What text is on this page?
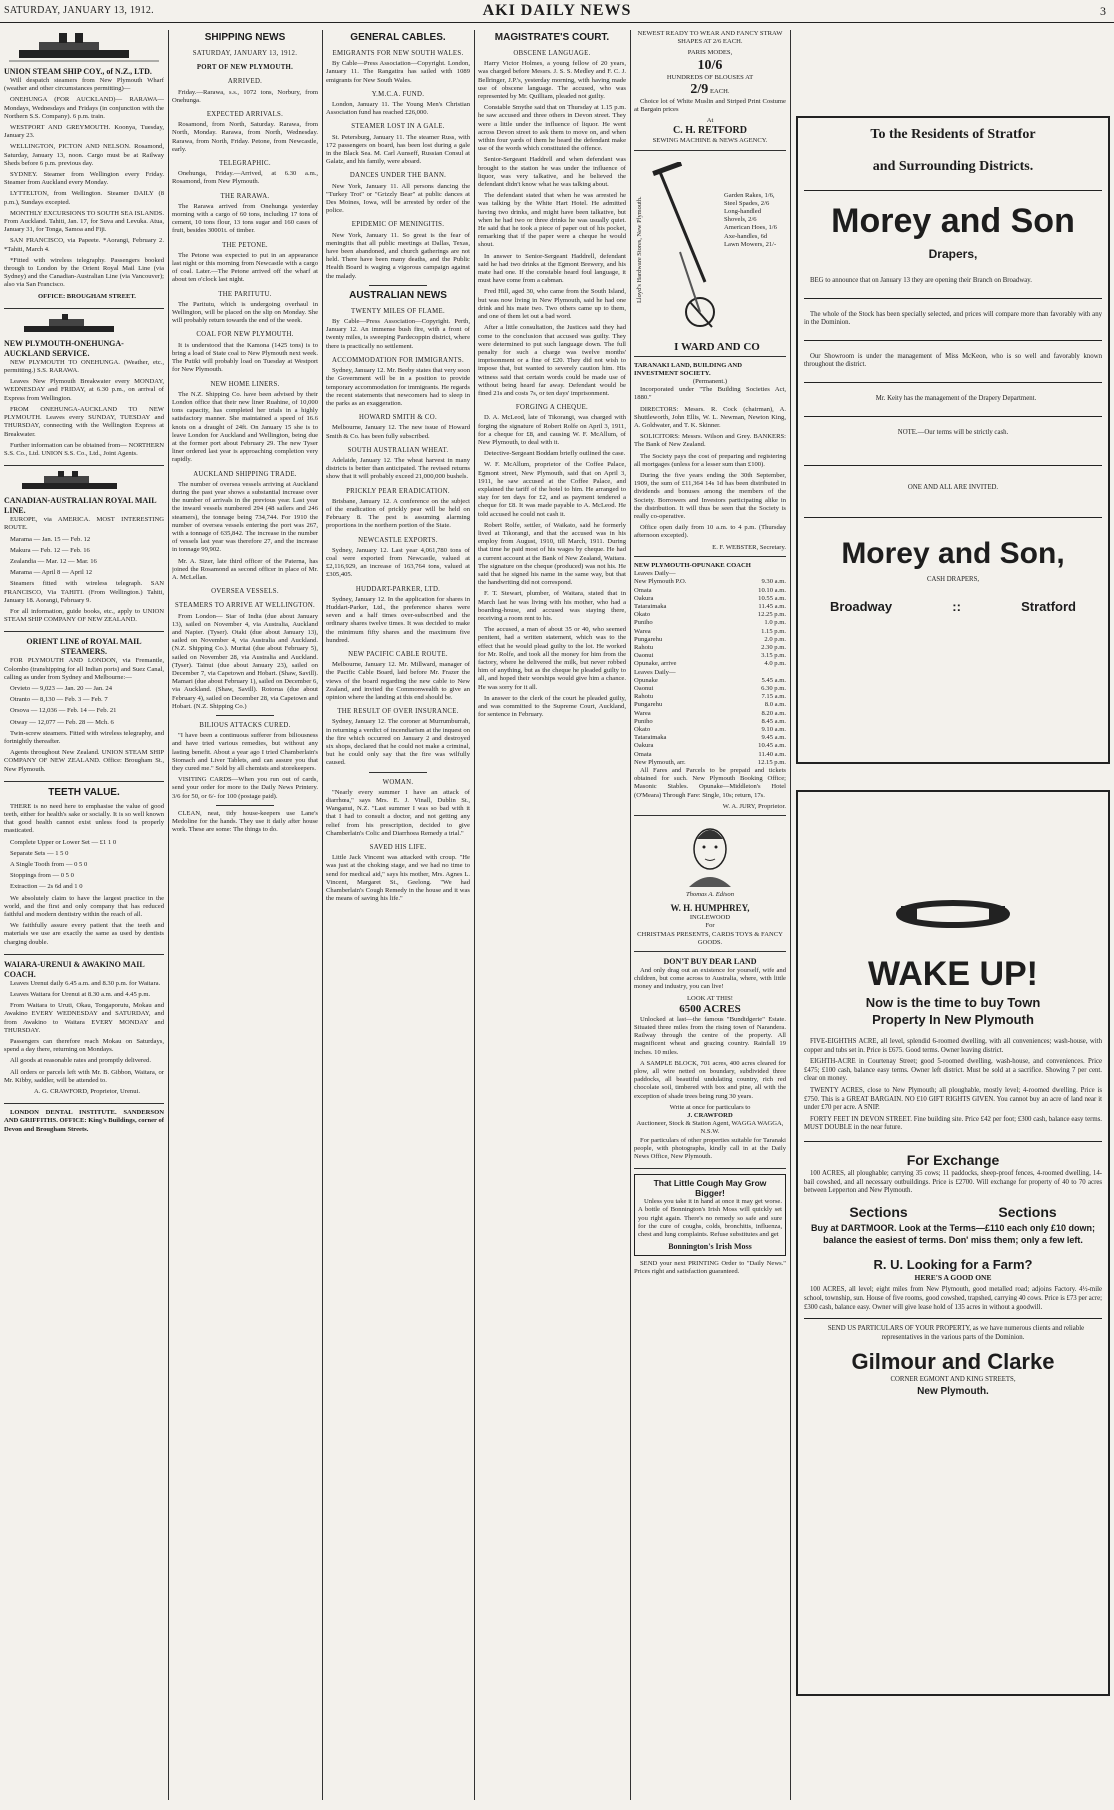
SATURDAY, JANUARY 13, 1912.	AKI DAILY NEWS	3
UNION STEAM SHIP COY., of N.Z., LTD.

Will despatch steamers from New Plymouth Wharf (weather and other circumstances permitting)—

ONEHUNGA (FOR AUCKLAND)— RARAWA—Mondays, Wednesdays and Fridays (in conjunction with the Northern S.S. Company). 6 p.m. train.

WESTPORT AND GREYMOUTH. Koonya, Tuesday, January 23.

WELLINGTON, PICTON AND NELSON. Rosamond, Saturday, January 13, noon. Cargo must be at Railway Sheds before 6 p.m. previous day.

SYDNEY. Steamer from Wellington every Friday. Steamer from Auckland every Monday.

LYTTELTON, from Wellington. Steamer DAILY (8 p.m.), Sundays excepted.

MONTHLY EXCURSIONS TO SOUTH SEA ISLANDS. From Auckland. Tahiti, Jan. 17, for Suva and Levuka. Atua, January 31, for Tonga, Samoa and Fiji.

SAN FRANCISCO, via Papeete. *Aorangi, February 2. *Tahiti, March 4.

*Fitted with wireless telegraphy. Passengers booked through to London by the Orient Royal Mail Line (via Sydney) and the Canadian-Australian Line (via Vancouver); also via San Francisco.

OFFICE: BROUGHAM STREET.

NEW PLYMOUTH-ONEHUNGA-AUCKLAND SERVICE.

NEW PLYMOUTH TO ONEHUNGA. (Weather, etc., permitting.) S.S. RARAWA.

Leaves New Plymouth Breakwater every MONDAY, WEDNESDAY and FRIDAY, at 6.30 p.m., on arrival of Express from Wellington.

FROM ONEHUNGA-AUCKLAND TO NEW PLYMOUTH. Leaves every SUNDAY, TUESDAY and THURSDAY, connecting with the Wellington Express at Breakwater.

Further information can be obtained from— NORTHERN S.S. Co., Ltd. UNION S.S. Co., Ltd., Joint Agents.

CANADIAN-AUSTRALIAN ROYAL MAIL LINE.

EUROPE, via AMERICA. MOST INTERESTING ROUTE.

Marama — Jan. 15 — Feb. 12

Makura — Feb. 12 — Feb. 16

Zealandia — Mar. 12 — Mar. 16

Marama — April 8 — April 12

Steamers fitted with wireless telegraph. SAN FRANCISCO, Via TAHITI. (From Wellington.) Tahiti, January 18. Aorangi, February 9.

For all information, guide books, etc., apply to UNION STEAM SHIP COMPANY OF NEW ZEALAND.

ORIENT LINE of ROYAL MAIL STEAMERS.

FOR PLYMOUTH AND LONDON, via Fremantle, Colombo (transhipping for all Indian ports) and Suez Canal, calling as under from Sydney and Melbourne:—

Orvieto — 9,023 — Jan. 20 — Jan. 24

Otranto — 8,130 — Feb. 3 — Feb. 7

Orsova — 12,036 — Feb. 14 — Feb. 21

Otway — 12,077 — Feb. 28 — Mch. 6

Twin-screw steamers. Fitted with wireless telegraphy, and fortnightly thereafter.

Agents throughout New Zealand. UNION STEAM SHIP COMPANY OF NEW ZEALAND. Office: Brougham St., New Plymouth.

TEETH VALUE.

THERE is no need here to emphasise the value of good teeth, either for health's sake or socially. It is so well known that good health cannot exist unless food is properly masticated.

Complete Upper or Lower Set — £1 1 0

Separate Sets — 1 5 0

A Single Tooth from — 0 5 0

Stoppings from — 0 5 0

Extraction — 2s 6d and 1 0

We absolutely claim to have the largest practice in the world, and the first and only company that has reduced faithful and modern dentistry within the reach of all.

We faithfully assure every patient that the teeth and materials we use are exactly the same as used by dentists charging double.

WAIARA-URENUI & AWAKINO MAIL COACH.

Leaves Urenui daily 6.45 a.m. and 8.30 p.m. for Waitara.

Leaves Waitara for Urenui at 8.30 a.m. and 4.45 p.m.

From Waitara to Uruti, Okau, Tongaporutu, Mokau and Awakino EVERY WEDNESDAY and SATURDAY, and from Awakino to Waitara EVERY MONDAY and THURSDAY.

Passengers can therefore reach Mokau on Saturdays, spend a day there, returning on Mondays.

All goods at reasonable rates and promptly delivered.

All orders or parcels left with Mr. B. Gibbon, Waitara, or Mr. Kibby, saddler, will be attended to.

A. G. CRAWFORD, Proprietor, Urenui.

LONDON DENTAL INSTITUTE. SANDERSON AND GRIFFITHS. OFFICE: King's Buildings, corner of Devon and Brougham Streets.

SHIPPING NEWS
SATURDAY, JANUARY 13, 1912.
PORT OF NEW PLYMOUTH.
ARRIVED.

Friday.—Rarawa, s.s., 1072 tons, Norbury, from Onehunga.

EXPECTED ARRIVALS.

Rosamond, from North, Saturday. Rarawa, from North, Monday. Rarawa, from North, Wednesday. Rarawa, from North, Friday. Petone, from Newcastle, early.

TELEGRAPHIC.

Onehunga, Friday.—Arrived, at 6.30 a.m., Rosamond, from New Plymouth.

THE RARAWA.

The Rarawa arrived from Onehunga yesterday morning with a cargo of 60 tons, including 17 tons of cement, 10 tons flour, 13 tons sugar and 160 cases of fruit, besides 30001t. of timber.

THE PETONE.

The Petone was expected to put in an appearance last night or this morning from Newcastle with a cargo of coal. Later.—The Petone arrived off the wharf at about ten o'clock last night.

THE PARITUTU.

The Paritutu, which is undergoing overhaul in Wellington, will be placed on the slip on Monday. She will probably return towards the end of the week.

COAL FOR NEW PLYMOUTH.

It is understood that the Kamona (1425 tons) is to bring a load of State coal to New Plymouth next week. The Putiki will probably load on Tuesday at Westport for New Plymouth.

NEW HOME LINERS.

The N.Z. Shipping Co. have been advised by their London office that their new liner Ruahine, of 10,000 tons capacity, has completed her trials in a highly satisfactory manner. She maintained a speed of 16.6 knots on a draught of 24ft. On January 15 she is to leave London for Auckland and Wellington, being due at the former port about February 29. The new Tyser liner ordered last year is approaching completion very rapidly.

AUCKLAND SHIPPING TRADE.

The number of oversea vessels arriving at Auckland during the past year shows a substantial increase over the number of arrivals in the previous year. Last year the inward vessels numbered 294 (48 sailers and 246 steamers), the tonnage being 734,744. For 1910 the number of oversea vessels entering the port was 267, with a tonnage of 635,842. The increase in the number of vessels last year was therefore 27, and the increase in tonnage 99,902.

Mr. A. Sizer, late third officer of the Paterna, has joined the Rosamond as second officer in place of Mr. A. McLellan.

OVERSEA VESSELS.
STEAMERS TO ARRIVE AT WELLINGTON.

From London— Star of India (due about January 13), sailed on November 4, via Australia, Auckland and Napier. (Tyser). Otaki (due about January 13), sailed on November 4, via Australia and Auckland. (N.Z. Shipping Co.). Muritai (due about February 5), sailed on November 28, via Australia and Auckland. (Tyser). Tainui (due about January 23), sailed on December 7, via Capetown and Hobart. (Shaw, Savill). Mamari (due about February 1), sailed on December 6, via Auckland. (Shaw, Savill). Rotorua (due about February 4), sailed on December 28, via Capetown and Hobart. (N.Z. Shipping Co.)

BILIOUS ATTACKS CURED.

"I have been a continuous sufferer from biliousness and have tried various remedies, but without any lasting benefit. About a year ago I tried Chamberlain's Stomach and Liver Tablets, and can assure you that they cured me." Sold by all chemists and storekeepers.

VISITING CARDS—When you run out of cards, send your order for more to the Daily News Printery. 3/6 for 50, or 6/- for 100 (postage paid).

CLEAN, neat, tidy house-keepers use Lane's Medoline for the hands. They use it daily after house work. These are some: The things to do.

GENERAL CABLES.
EMIGRANTS FOR NEW SOUTH WALES.

By Cable—Press Association—Copyright. London, January 11. The Rangatira has sailed with 1089 emigrants for New South Wales.

Y.M.C.A. FUND.

London, January 11. The Young Men's Christian Association fund has reached £26,000.

STEAMER LOST IN A GALE.

St. Petersburg, January 11. The steamer Russ, with 172 passengers on board, has been lost during a gale in the Black Sea. M. Carl Aunseff, Russian Consul at Galatz, and his family, were aboard.

DANCES UNDER THE BANN.

New York, January 11. All persons dancing the "Turkey Trot" or "Grizzly Bear" at public dances at Des Moines, Iowa, will be arrested by order of the police.

EPIDEMIC OF MENINGITIS.

New York, January 11. So great is the fear of meningitis that all public meetings at Dallas, Texas, have been abandoned, and church gatherings are not held. There have been many deaths, and the Public Health Board is waging a vigorous campaign against the malady.

AUSTRALIAN NEWS
TWENTY MILES OF FLAME.

By Cable—Press Association—Copyright. Perth, January 12. An immense bush fire, with a front of twenty miles, is sweeping Pardecoppin district, where there is practically no settlement.

ACCOMMODATION FOR IMMIGRANTS.

Sydney, January 12. Mr. Beeby states that very soon the Government will be in a position to provide temporary accommodation for immigrants. He regards the recent statements that newcomers had to sleep in the parks as an exaggeration.

HOWARD SMITH & CO.

Melbourne, January 12. The new issue of Howard Smith & Co. has been fully subscribed.

SOUTH AUSTRALIAN WHEAT.

Adelaide, January 12. The wheat harvest in many districts is better than anticipated. The revised returns show that it will probably exceed 21,000,000 bushels.

PRICKLY PEAR ERADICATION.

Brisbane, January 12. A conference on the subject of the eradication of prickly pear will be held on February 8. The pest is assuming alarming proportions in the northern portion of the State.

NEWCASTLE EXPORTS.

Sydney, January 12. Last year 4,061,780 tons of coal were exported from Newcastle, valued at £2,116,929, an increase of 163,764 tons, valued at £305,405.

HUDDART-PARKER, LTD.

Sydney, January 12. In the application for shares in Huddart-Parker, Ltd., the preference shares were seven and a half times over-subscribed and the ordinary shares twelve times. It was decided to make the minimum fifty shares and the maximum five hundred.

NEW PACIFIC CABLE ROUTE.

Melbourne, January 12. Mr. Millward, manager of the Pacific Cable Board, laid before Mr. Frazer the views of the board regarding the new cable to New Zealand, and invited the Commonwealth to give an opinion where the landing at this end should be.

THE RESULT OF OVER INSURANCE.

Sydney, January 12. The coroner at Murrumburrah, in returning a verdict of incendiarism at the inquest on the fire which occurred on January 2 and destroyed six shops, declared that he could not make a criminal, but he could only say that the fire was wilfully caused.

WOMAN.

"Nearly every summer I have an attack of diarrhœa," says Mrs. E. J. Vinall, Dublin St., Wanganui, N.Z. "Last summer I was so bad with it that I had to consult a doctor, and not getting any relief from his prescription, decided to give Chamberlain's Colic and Diarrhoea Remedy a trial."

SAVED HIS LIFE.

Little Jack Vincent was attacked with croup. "He was just at the choking stage, and we had no time to send for medical aid," says his mother, Mrs. Agnes L. Vincent, Margaret St., Geelong. "We had Chamberlain's Cough Remedy in the house and it was the means of saving his life."

MAGISTRATE'S COURT.
OBSCENE LANGUAGE.

Harry Victor Holmes, a young fellow of 20 years, was charged before Messrs. J. S. S. Medley and F. C. J. Bellringer, J.P.'s, yesterday morning, with having made use of obscene language. The accused, who was represented by Mr. Quilliam, pleaded not guilty.

Constable Smythe said that on Thursday at 1.15 p.m. he saw accused and three others in Devon street. They were a little under the influence of liquor. He went across Devon street to ask them to move on, and when within four yards of them he heard the defendant make use of the words which constituted the offence.

Senior-Sergeant Haddrell and when defendant was brought to the station he was under the influence of liquor, was very talkative, and he believed the defendant didn't know what he was talking about.

The defendant stated that when he was arrested he was talking by the White Hart Hotel. He admitted having two drinks, and might have been talkative, but when he had two or three drinks he was usually quiet. He said that he took a piece of paper out of his pocket, remarking that if the paper were a cheque he would shout.

In answer to Senior-Sergeant Haddrell, defendant said he had two drinks at the Egmont Brewery, and his mate had one. If the constable heard foul language, it must have come from a cabman.

Fred Hill, aged 30, who came from the South Island, but was now living in New Plymouth, said he had one drink and his mate two. Two others came up to them, and one of them let out a bad word.

After a little consultation, the Justices said they had come to the conclusion that accused was guilty. They were determined to put such language down. The full penalty for such a charge was twelve months' imprisonment or a fine of £20. They did not wish to impose that, but wanted to severely caution him. His witness said that certain words could be made use of without being heard far away. Defendant would be fined 21s and costs 7s, or ten days' imprisonment.

FORGING A CHEQUE.

D. A. McLeod, late of Tikorangi, was charged with forging the signature of Robert Rolfe on April 3, 1911, for a cheque for £8, and causing W. F. McAllum, of New Plymouth, to deal with it.

Detective-Sergeant Boddam briefly outlined the case.

W. F. McAllum, proprietor of the Coffee Palace, Egmont street, New Plymouth, said that on April 3, 1911, he saw accused at the Coffee Palace, and explained the tariff of the hotel to him. He arranged to stay for ten days for £2, and as payment tendered a cheque for £8. It was made payable to A. McLeod. He told accused he could not cash it.

Robert Rolfe, settler, of Waikato, said he formerly lived at Tikorangi, and that the accused was in his employ from August, 1910, till March, 1911. During that time he paid most of his wages by cheque. He had a current account at the Bank of New Zealand, Waitara. The signature on the cheque (produced) was not his. He said that he signed his name in the same way, but that the handwriting did not correspond.

F. T. Stewart, plumber, of Waitara, stated that in March last he was living with his mother, who had a boarding-house, and accused was staying there, receiving a room rent to his.

The accused, a man of about 35 or 40, who seemed penitent, had a written statement, which was to the effect that he would plead guilty to the lot. He worked for Mr. Rolfe, and took all the money for him from the factory, where he delivered the milk, but never robbed him of anything, but as the cheque he pleaded guilty to all, and hoped their worships would give him a chance. He was sorry for it all.

In answer to the clerk of the court he pleaded guilty, and was committed to the Supreme Court, Auckland, for sentence in February.

NEWEST READY TO WEAR AND FANCY STRAW SHAPES AT 2/6 EACH.

PARIS MODES,
10/6
HUNDREDS OF BLOUSES AT
2/9 EACH.

Choice lot of White Muslin and Striped Print Costume at Bargain prices

At
C. H. RETFORD
SEWING MACHINE & NEWS AGENCY.
Lloyd's Hardware Stores, New Plymouth.
Garden Rakes, 1/6,
Steel Spades, 2/6
Long-handled Shovels, 2/6
American Hoes, 1/6
Axe-handles, 6d
Lawn Mowers, 21/-
I WARD AND CO
TARANAKI LAND, BUILDING AND INVESTMENT SOCIETY.
(Permanent.)

Incorporated under "The Building Societies Act, 1880."

DIRECTORS: Messrs. R. Cock (chairman), A. Shuttleworth, John Ellis, W. L. Newman, Newton King, A. Goldwater, and T. K. Skinner.

SOLICITORS: Messrs. Wilson and Grey. BANKERS: The Bank of New Zealand.

The Society pays the cost of preparing and registering all mortgages (unless for a lesser sum than £100).

During the five years ending the 30th September, 1909, the sum of £11,364 14s 1d has been distributed in dividends and bonuses among the members of the Society. Borrowers and Investors participating alike in the distribution. It will thus be seen that the Society is really co-operative.

Office open daily from 10 a.m. to 4 p.m. (Thursday afternoon excepted).

E. F. WEBSTER, Secretary.
NEW PLYMOUTH-OPUNAKE COACH
Leaves Daily—
New Plymouth P.O.	9.30 a.m.
Omata	10.10 a.m.
Oakura	10.55 a.m.
Tataraimaka	11.45 a.m.
Okato	12.25 p.m.
Puniho	1.0 p.m.
Warea	1.15 p.m.
Pungarehu	2.0 p.m.
Rahotu	2.30 p.m.
Oaonui	3.15 p.m.
Opunake, arrive	4.0 p.m.
Leaves Daily—
Opunake	5.45 a.m.
Oaonui	6.30 p.m.
Rahotu	7.15 a.m.
Pungarehu	8.0 a.m.
Warea	8.20 a.m.
Puniho	8.45 a.m.
Okato	9.10 a.m.
Tataraimaka	9.45 a.m.
Oakura	10.45 a.m.
Omata	11.40 a.m.
New Plymouth, arr.	12.15 p.m.

All Fares and Parcels to be prepaid and tickets obtained for such. New Plymouth Booking Office; Masonic Stables. Opunake—Middleton's Hotel (O'Meara) Through Fare: Single, 10s; return, 17s.

W. A. JURY, Proprietor.
Thomas A. Edison
W. H. HUMPHREY,
INGLEWOOD
For
CHRISTMAS PRESENTS, CARDS TOYS & FANCY GOODS.
DON'T BUY DEAR LAND

And only drag out an existence for yourself, wife and children, but come across to Australia, where, with little money and industry, you can live!

LOOK AT THIS!
6500 ACRES

Unlocked at last—the famous "Bundidgerie" Estate. Situated three miles from the rising town of Narandera. Railway through the centre of the property. All magnificent wheat and grazing country. Rainfall 19 inches. 10 miles.

A SAMPLE BLOCK, 701 acres, 400 acres cleared for plow, all wire netted on boundary, subdivided three paddocks, all beautiful undulating country, rich red chocolate soil, timbered with box and pine, all with the exception of shade trees being rung 30 years.

Write at once for particulars to
J. CRAWFORD
Auctioneer, Stock & Station Agent, WAGGA WAGGA, N.S.W.

For particulars of other properties suitable for Taranaki people, with photographs, kindly call in at the Daily News Office, New Plymouth.

That Little Cough May Grow Bigger!

Unless you take it in hand at once it may get worse. A bottle of Bonnington's Irish Moss will quickly set you right again. There's no remedy so safe and sure for the cure of coughs, colds, bronchitis, influenza, chest and lung complaints. Refuse substitutes and get

Bonnington's Irish Moss

SEND your next PRINTING Order to "Daily News." Prices right and satisfaction guaranteed.

To the Residents of Stratfor
and Surrounding Districts.
Morey and Son
Drapers,

BEG to announce that on January 13 they are opening their Branch on Broadway.

The whole of the Stock has been specially selected, and prices will compare more than favorably with any in the Dominion.

Our Showroom is under the management of Miss McKeon, who is so well and favorably known throughout the district.

Mr. Keity has the management of the Drapery Department.

NOTE.—Our terms will be strictly cash.
ONE AND ALL ARE INVITED.
Morey and Son,
CASH DRAPERS,
Broadway	::	Stratford
WAKE UP!
Now is the time to buy Town
Property In New Plymouth

FIVE-EIGHTHS ACRE, all level, splendid 6-roomed dwelling, with all conveniences; wash-house, with copper and tubs set in. Price is £675. Good terms. Owner leaving district.

EIGHTH-ACRE in Courtenay Street; good 5-roomed dwelling, wash-house, and conveniences. Price £475; £100 cash, balance easy terms. Owner left district. Must be sold at a sacrifice. Showing 7 per cent. clear on money.

TWENTY ACRES, close to New Plymouth; all ploughable, mostly level; 4-roomed dwelling. Price is £750. This is a GREAT BARGAIN. NO £10 GIFT RIGHTS GIVEN. You cannot buy an acre of land near it under £70 per acre. A SNIP.

FORTY FEET IN DEVON STREET. Fine building site. Price £42 per foot; £300 cash, balance easy terms. MUST DOUBLE in the near future.

For Exchange

100 ACRES, all ploughable; carrying 35 cows; 11 paddocks, sheep-proof fences, 4-roomed dwelling, 14-bail cowshed, and all necessary outbuildings. Price is £2700. Will exchange for property of 40 to 70 acres between Lepperton and New Plymouth.

Sections	Sections
Buy at DARTMOOR. Look at the Terms—£110 each only £10 down; balance the easiest of terms. Don' miss them; only a few left.
R. U. Looking for a Farm?
HERE'S A GOOD ONE

100 ACRES, all level; eight miles from New Plymouth, good metalled road; adjoins Factory. 4½-mile school, township, sun. House of five rooms, good cowshed, trapshed, carrying 40 cows. Price is £73 per acre; £300 cash, balance easy. Owner will give lease hold of 135 acres in without a goodwill.

SEND US PARTICULARS OF YOUR PROPERTY, as we have numerous clients and reliable representatives in the various parts of the Dominion.

Gilmour and Clarke
CORNER EGMONT AND KING STREETS,
New Plymouth.
